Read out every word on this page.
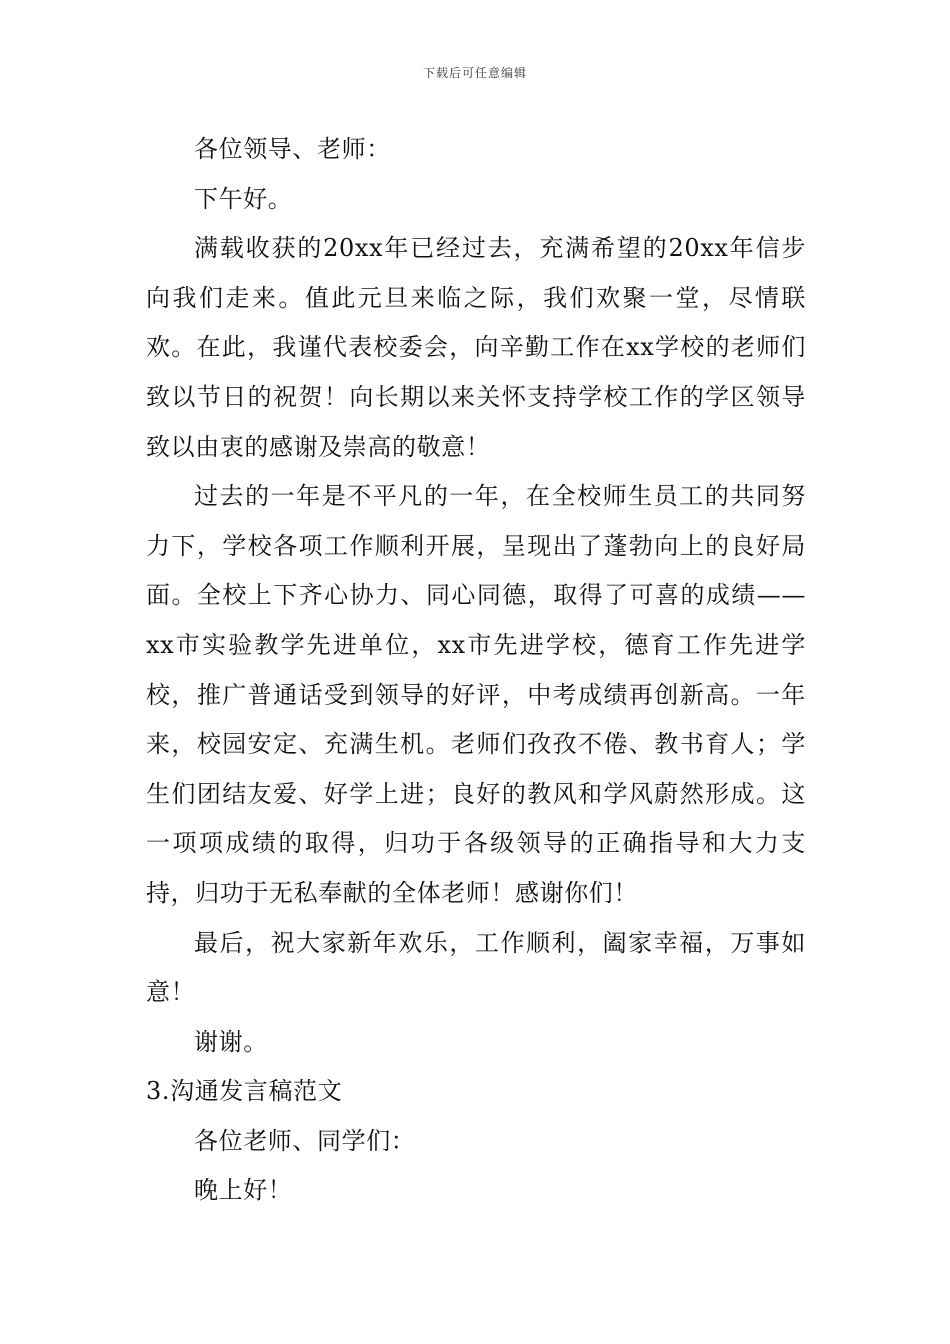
下载后可任意编辑

各位领导、老师：

下午好。

满载收获的20xx年已经过去，充满希望的20xx年信步向我们走来。值此元旦来临之际，我们欢聚一堂，尽情联欢。在此，我谨代表校委会，向辛勤工作在xx学校的老师们致以节日的祝贺！向长期以来关怀支持学校工作的学区领导致以由衷的感谢及崇高的敬意！

过去的一年是不平凡的一年，在全校师生员工的共同努力下，学校各项工作顺利开展，呈现出了蓬勃向上的良好局面。全校上下齐心协力、同心同德，取得了可喜的成绩——xx市实验教学先进单位，xx市先进学校，德育工作先进学校，推广普通话受到领导的好评，中考成绩再创新高。一年来，校园安定、充满生机。老师们孜孜不倦、教书育人；学生们团结友爱、好学上进；良好的教风和学风蔚然形成。这一项项成绩的取得，归功于各级领导的正确指导和大力支持，归功于无私奉献的全体老师！感谢你们！

最后，祝大家新年欢乐，工作顺利，阖家幸福，万事如意！

谢谢。

3.沟通发言稿范文

各位老师、同学们：

晚上好！
